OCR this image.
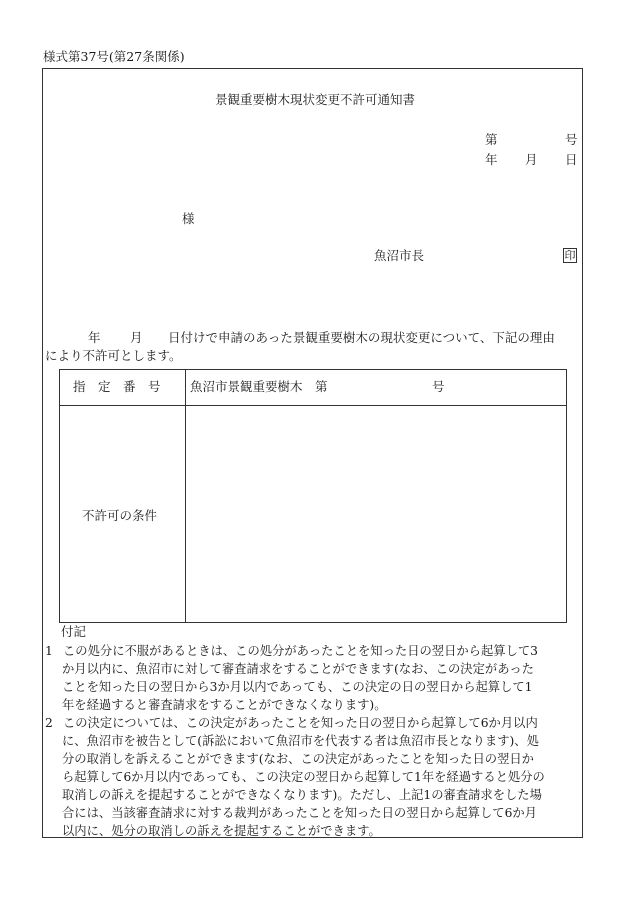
様式第37号(第27条関係)
景観重要樹木現状変更不許可通知書
第	号
年 月 日
様
魚沼市長	印
年 月 日付けで申請のあった景観重要樹木の現状変更について、下記の理由
により不許可とします。
指　定　番　号 魚沼市景観重要樹木　第	号
不許可の条件
付記
1 この処分に不服があるときは、この処分があったことを知った日の翌日から起算して3
か月以内に、魚沼市に対して審査請求をすることができます(なお、この決定があった
ことを知った日の翌日から3か月以内であっても、この決定の日の翌日から起算して1
年を経過すると審査請求をすることができなくなります)。
2 この決定については、この決定があったことを知った日の翌日から起算して6か月以内
に、魚沼市を被告として(訴訟において魚沼市を代表する者は魚沼市長となります)、処
分の取消しを訴えることができます(なお、この決定があったことを知った日の翌日か
ら起算して6か月以内であっても、この決定の翌日から起算して1年を経過すると処分の
取消しの訴えを提起することができなくなります)。ただし、上記1の審査請求をした場
合には、当該審査請求に対する裁判があったことを知った日の翌日から起算して6か月
以内に、処分の取消しの訴えを提起することができます。
